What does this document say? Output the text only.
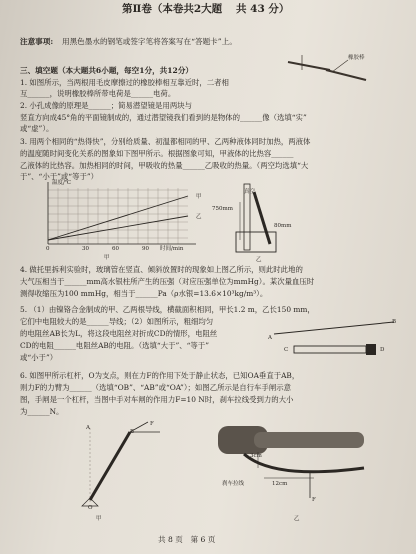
第Ⅱ卷（本卷共2大题 共 43 分）
注意事项: 用黑色墨水的钢笔或签字笔将答案写在“答题卡”上。
橡胶棒
三、填空题（本大题共6小题，每空1分，共12分）
1. 如图所示，当两根用毛皮摩擦过的橡胶棒相互靠近时，二者相
互______，说明橡胶棒所带电荷是______电荷。
2. 小孔成像的原理是______；简易潜望镜是用两块与
竖直方向成45°角的平面镜制成的，通过潜望镜我们看到的是物体的______像（选填“实”
或“虚”）。
3. 用两个相同的“热得快”，分别给质量、初温都相同的甲、乙两种液体同时加热，两液体
的温度随时间变化关系的图象如下图甲所示。根据图象可知，甲液体的比热容______
乙液体的比热容。加热相同的时间，甲吸收的热量______乙吸收的热量。（两空均选填“大
于”、“小于”或“等于”）
温度/℃
甲
乙
0	30	60	90 时间/min
甲
真空
750mm
80mm
乙
4. 做托里拆利实验时，玻璃管在竖直、倾斜放置时的现象如上图乙所示，则此时此地的
大气压相当于______mm高水银柱所产生的压强（对应压强单位为mmHg）。某次量血压时
测得收缩压为100 mmHg，相当于______Pa（ρ水银=13.6×10³kg/m³）。
5. （1）由镍铬合金制成的甲、乙两根导线，横截面积相同，甲长1.2 m，乙长150 mm，
它们中电阻较大的是______导线；（2）如图所示，粗细均匀
的电阻丝AB长为L，将这段电阻丝对折成CD的情形，电阻丝
CD的电阻______电阻丝AB的电阻。（选填“大于”、“等于”
或“小于”）
A
B
C	D
6. 如图甲所示杠杆，O为支点，则在力F的作用下处于静止状态，已知OA垂直于AB，
则力F的力臂为______（选填“OB”、“AB”或“OA”）；如图乙所示是自行车手闸示意
图，手闸是一个杠杆，当图中手对车闸的作用力F=10 N时，刹车拉线受到力的大小
为______N。
A
B
F
O
甲
3cm
12cm
F
刹车拉线
乙
共 8 页　第 6 页
